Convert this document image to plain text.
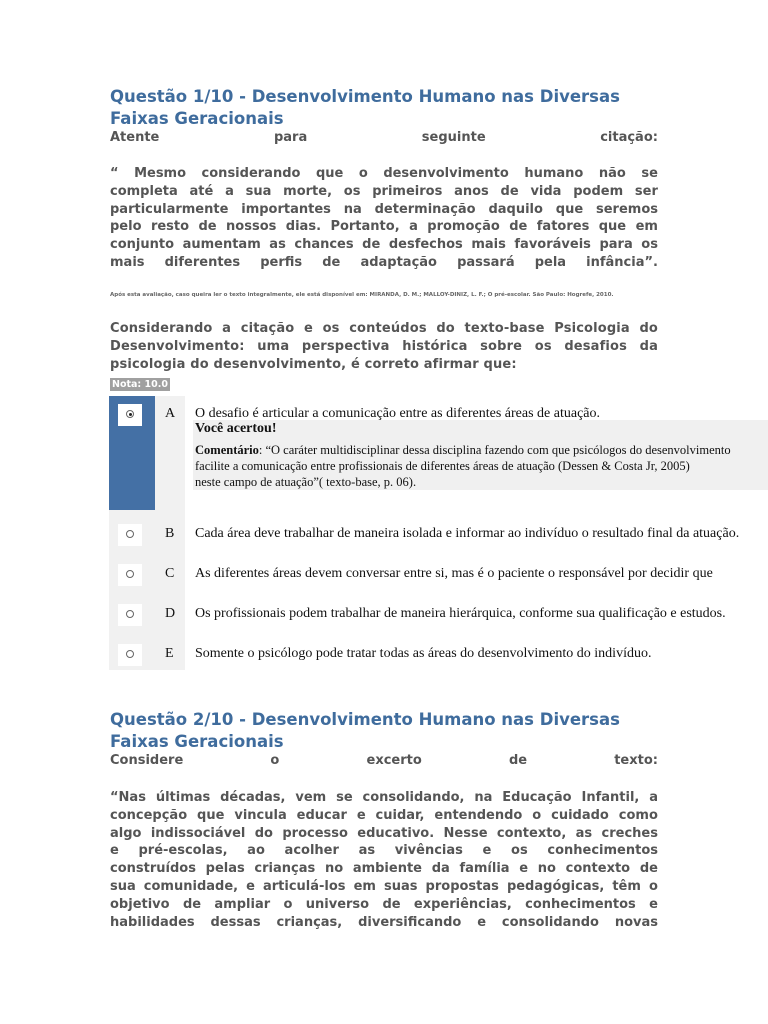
Questão 1/10 - Desenvolvimento Humano nas Diversas Faixas Geracionais
Atente	para	seguinte	citação:
“ Mesmo considerando que o desenvolvimento humano não se
completa até a sua morte, os primeiros anos de vida podem ser
particularmente importantes na determinação daquilo que seremos
pelo resto de nossos dias. Portanto, a promoção de fatores que em
conjunto aumentam as chances de desfechos mais favoráveis para os
mais diferentes perfis de adaptação passará pela infância”.
Após esta avaliação, caso queira ler o texto integralmente, ele está disponível em: MIRANDA, D. M.; MALLOY-DINIZ, L. F.; O pré-escolar. São Paulo: Hogrefe, 2010.

Considerando a citação e os conteúdos do texto-base Psicologia do Desenvolvimento: uma perspectiva histórica sobre os desafios da psicologia do desenvolvimento, é correto afirmar que:

Nota: 10.0
Você acertou!
Comentário: “O caráter multidisciplinar dessa disciplina fazendo com que psicólogos do desenvolvimento
facilite a comunicação entre profissionais de diferentes áreas de atuação (Dessen & Costa Jr, 2005)
neste campo de atuação”( texto-base, p. 06).
A O desafio é articular a comunicação entre as diferentes áreas de atuação.
B Cada área deve trabalhar de maneira isolada e informar ao indivíduo o resultado final da atuação.
C As diferentes áreas devem conversar entre si, mas é o paciente o responsável por decidir que
D Os profissionais podem trabalhar de maneira hierárquica, conforme sua qualificação e estudos.
E Somente o psicólogo pode tratar todas as áreas do desenvolvimento do indivíduo.
Questão 2/10 - Desenvolvimento Humano nas Diversas Faixas Geracionais
Considere	o	excerto	de	texto:
“Nas últimas décadas, vem se consolidando, na Educação Infantil, a
concepção que vincula educar e cuidar, entendendo o cuidado como
algo indissociável do processo educativo. Nesse contexto, as creches
e pré-escolas, ao acolher as vivências e os conhecimentos
construídos pelas crianças no ambiente da família e no contexto de
sua comunidade, e articulá-los em suas propostas pedagógicas, têm o
objetivo de ampliar o universo de experiências, conhecimentos e
habilidades dessas crianças, diversificando e consolidando novas
